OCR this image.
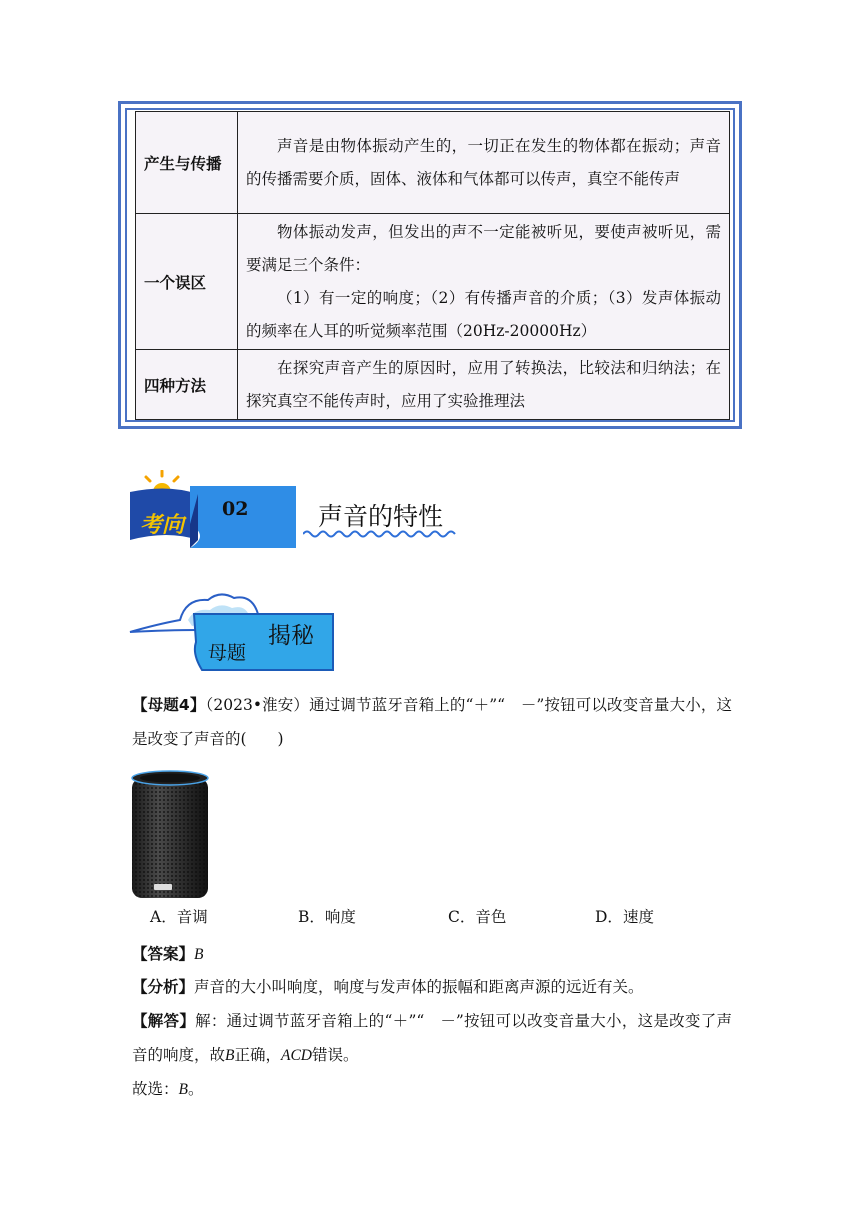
产生与传播	声音是由物体振动产生的，一切正在发生的物体都在振动；声音的传播需要介质，固体、液体和气体都可以传声，真空不能传声

一个误区	物体振动发声，但发出的声不一定能被听见，要使声被听见，需要满足三个条件：
（1）有一定的响度；（2）有传播声音的介质；（3）发声体振动的频率在人耳的听觉频率范围（20Hz-20000Hz）

四种方法	在探究声音产生的原因时，应用了转换法，比较法和归纳法；在探究真空不能传声时，应用了实验推理法
考向
02	声音的特性
母题
揭秘
【母题4】（2023•淮安）通过调节蓝牙音箱上的“＋”“　－”按钮可以改变音量大小，这是改变了声音的(　　)
A．音调	B．响度	C．音色	D．速度
【答案】B
【分析】声音的大小叫响度，响度与发声体的振幅和距离声源的远近有关。
【解答】解：通过调节蓝牙音箱上的“＋”“　－”按钮可以改变音量大小，这是改变了声音的响度，故B正确，ACD错误。
故选：B。
